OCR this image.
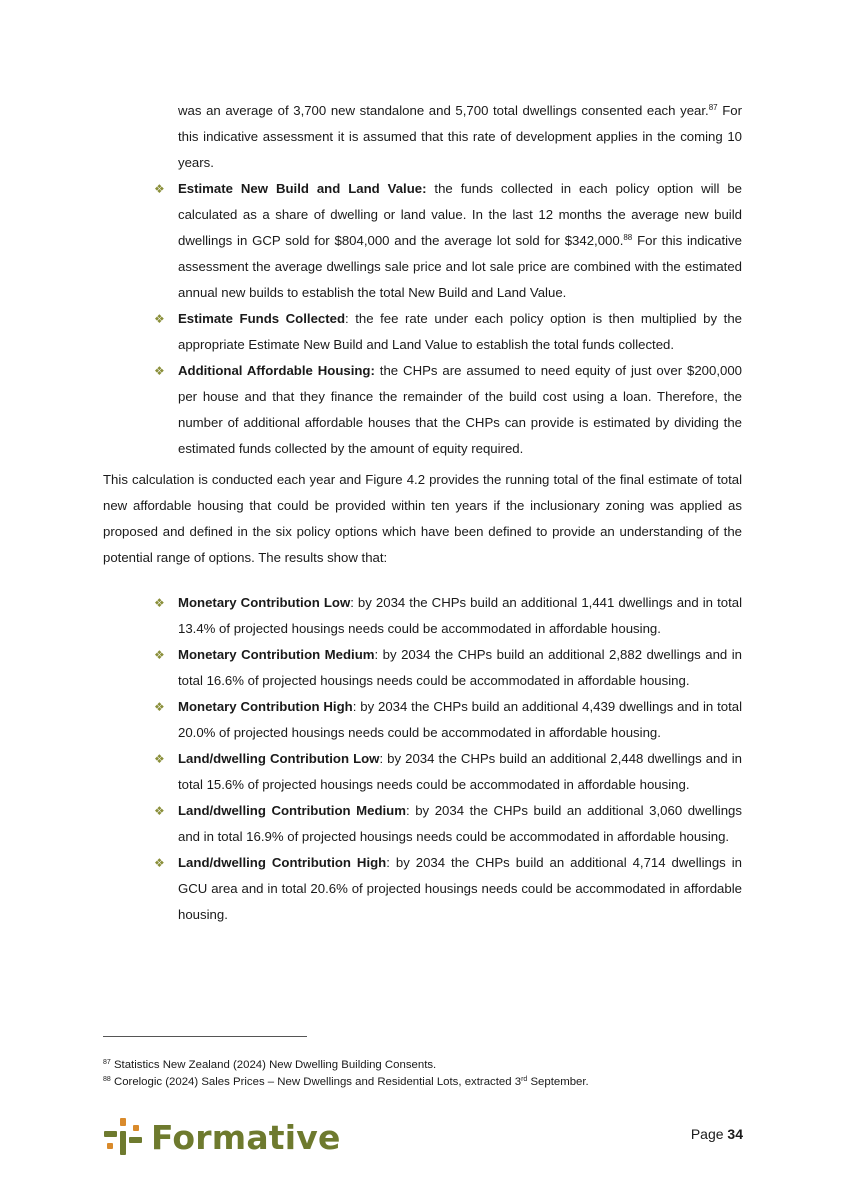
was an average of 3,700 new standalone and 5,700 total dwellings consented each year.$^{87}$ For this indicative assessment it is assumed that this rate of development applies in the coming 10 years.
❖ Estimate New Build and Land Value: the funds collected in each policy option will be calculated as a share of dwelling or land value. In the last 12 months the average new build dwellings in GCP sold for $804,000 and the average lot sold for $342,000.88 For this indicative assessment the average dwellings sale price and lot sale price are combined with the estimated annual new builds to establish the total New Build and Land Value.
❖ Estimate Funds Collected: the fee rate under each policy option is then multiplied by the appropriate Estimate New Build and Land Value to establish the total funds collected.
❖ Additional Affordable Housing: the CHPs are assumed to need equity of just over $200,000 per house and that they finance the remainder of the build cost using a loan. Therefore, the number of additional affordable houses that the CHPs can provide is estimated by dividing the estimated funds collected by the amount of equity required.
This calculation is conducted each year and Figure 4.2 provides the running total of the final estimate of total new affordable housing that could be provided within ten years if the inclusionary zoning was applied as proposed and defined in the six policy options which have been defined to provide an understanding of the potential range of options. The results show that:
❖ Monetary Contribution Low: by 2034 the CHPs build an additional 1,441 dwellings and in total 13.4% of projected housings needs could be accommodated in affordable housing.
❖ Monetary Contribution Medium: by 2034 the CHPs build an additional 2,882 dwellings and in total 16.6% of projected housings needs could be accommodated in affordable housing.
❖ Monetary Contribution High: by 2034 the CHPs build an additional 4,439 dwellings and in total 20.0% of projected housings needs could be accommodated in affordable housing.
❖ Land/dwelling Contribution Low: by 2034 the CHPs build an additional 2,448 dwellings and in total 15.6% of projected housings needs could be accommodated in affordable housing.
❖ Land/dwelling Contribution Medium: by 2034 the CHPs build an additional 3,060 dwellings and in total 16.9% of projected housings needs could be accommodated in affordable housing.
❖ Land/dwelling Contribution High: by 2034 the CHPs build an additional 4,714 dwellings in GCU area and in total 20.6% of projected housings needs could be accommodated in affordable housing.
$^{87}$ Statistics New Zealand (2024) New Dwelling Building Consents.
$^{88}$ Corelogic (2024) Sales Prices – New Dwellings and Residential Lots, extracted 3rd September.
Formative	Page 34
